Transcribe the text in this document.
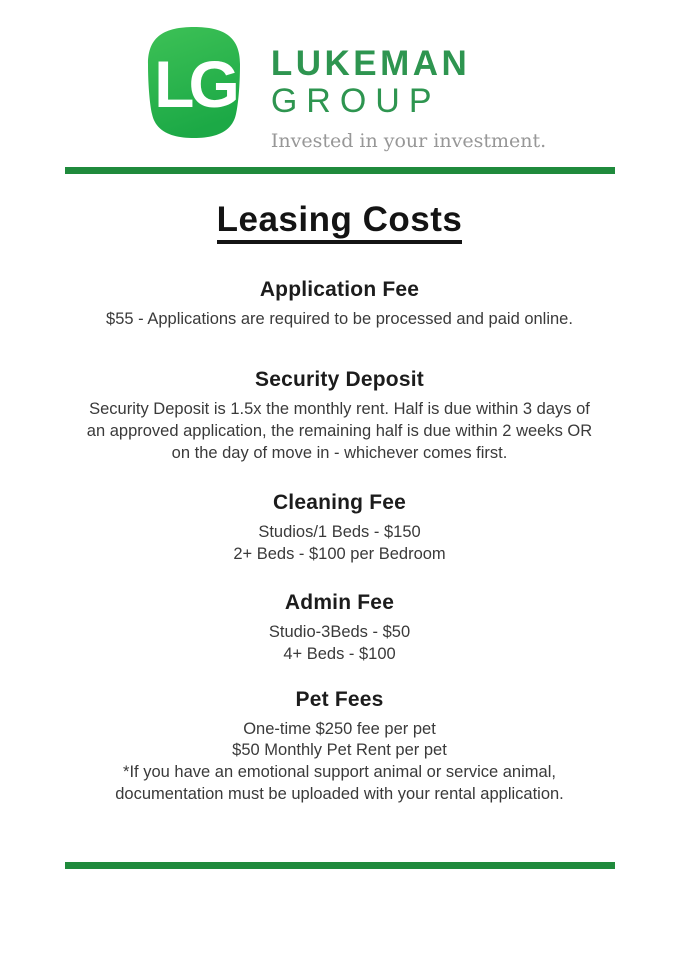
LG LUKEMAN
GROUP
Invested in your investment.
Leasing Costs
Application Fee
$55 - Applications are required to be processed and paid online.
Security Deposit
Security Deposit is 1.5x the monthly rent. Half is due within 3 days of
an approved application, the remaining half is due within 2 weeks OR
on the day of move in - whichever comes first.
Cleaning Fee
Studios/1 Beds - $150
2+ Beds - $100 per Bedroom
Admin Fee
Studio-3Beds - $50
4+ Beds - $100
Pet Fees
One-time $250 fee per pet
$50 Monthly Pet Rent per pet
*If you have an emotional support animal or service animal,
documentation must be uploaded with your rental application.
